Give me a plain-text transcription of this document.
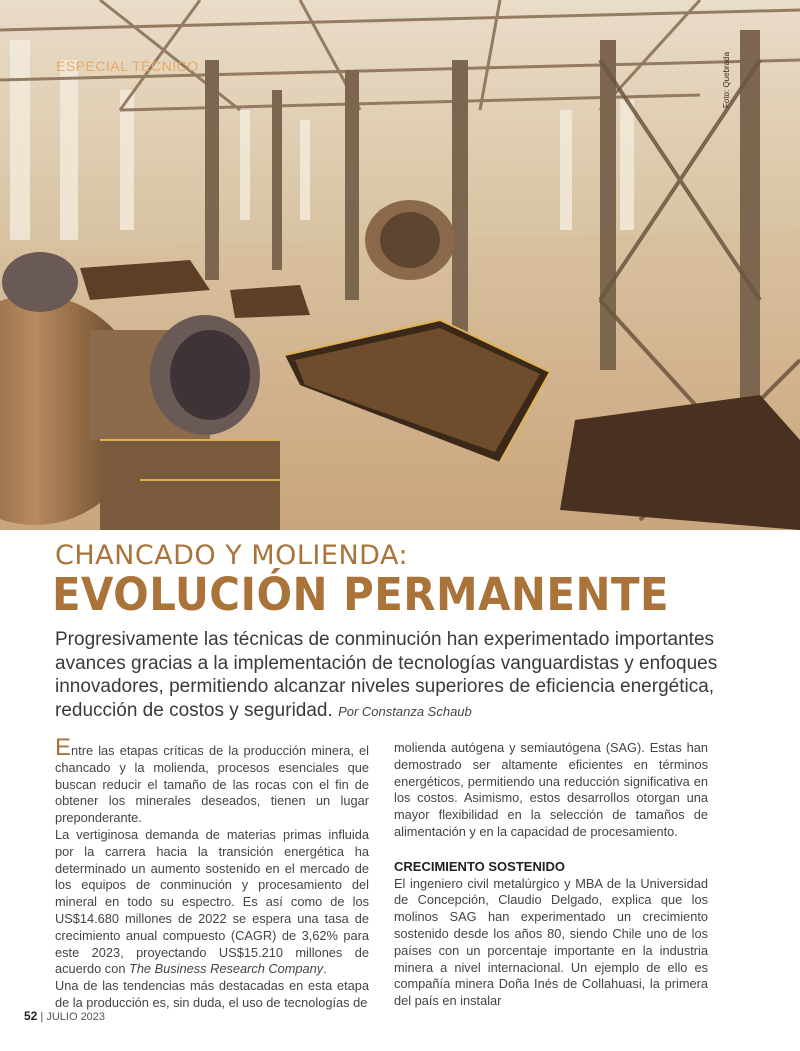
ESPECIAL TÉCNICO	Foto: Quebrada
CHANCADO Y MOLIENDA:
EVOLUCIÓN PERMANENTE
Progresivamente las técnicas de conminución han experimentado importantes avances gracias a la implementación de tecnologías vanguardistas y enfoques innovadores, permitiendo alcanzar niveles superiores de eficiencia energética, reducción de costos y seguridad. Por Constanza Schaub

Entre las etapas críticas de la producción minera, el chancado y la molienda, procesos esenciales que buscan reducir el tamaño de las rocas con el fin de obtener los minerales deseados, tienen un lugar preponderante.

La vertiginosa demanda de materias primas influida por la carrera hacia la transición energética ha determinado un aumento sostenido en el mercado de los equipos de conminución y procesamiento del mineral en todo su espectro. Es así como de los US$14.680 millones de 2022 se espera una tasa de crecimiento anual compuesto (CAGR) de 3,62% para este 2023, proyectando US$15.210 millones de acuerdo con The Business Research Company.

Una de las tendencias más destacadas en esta etapa de la producción es, sin duda, el uso de tecnologías de

molienda autógena y semiautógena (SAG). Estas han demostrado ser altamente eficientes en términos energéticos, permitiendo una reducción significativa en los costos. Asimismo, estos desarrollos otorgan una mayor flexibilidad en la selección de tamaños de alimentación y en la capacidad de procesamiento.

CRECIMIENTO SOSTENIDO

El ingeniero civil metalúrgico y MBA de la Universidad de Concepción, Claudio Delgado, explica que los molinos SAG han experimentado un crecimiento sostenido desde los años 80, siendo Chile uno de los países con un porcentaje importante en la industria minera a nivel internacional. Un ejemplo de ello es compañía minera Doña Inés de Collahuasi, la primera del país en instalar

52 | JULIO 2023
